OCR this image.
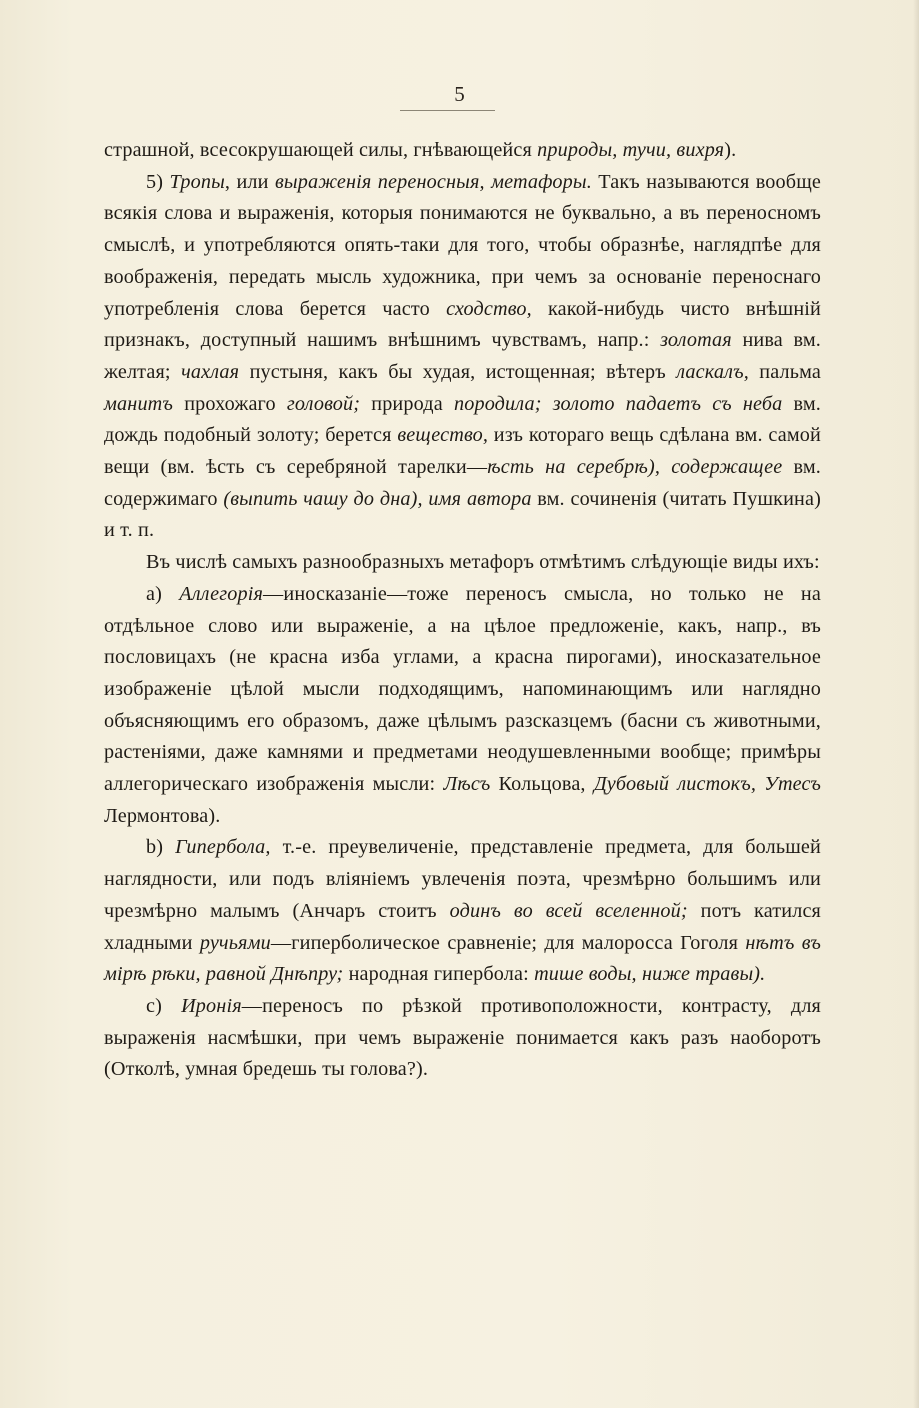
5

страшной, всесокрушающей силы, гнѣвающейся природы, тучи, вихря).

5) Тропы, или выраженія переносныя, метафоры. Такъ называются вообще всякія слова и выраженія, которыя понимаются не буквально, а въ переносномъ смыслѣ, и употребляются опять-таки для того, чтобы образнѣе, наглядпѣе для воображенія, передать мысль художника, при чемъ за основаніе переноснаго употребленія слова берется часто сходство, какой-нибудь чисто внѣшній признакъ, доступный нашимъ внѣшнимъ чувствамъ, напр.: золотая нива вм. желтая; чахлая пустыня, какъ бы худая, истощенная; вѣтеръ ласкалъ, пальма манитъ прохожаго головой; природа породила; золото падаетъ съ неба вм. дождь подобный золоту; берется вещество, изъ котораго вещь сдѣлана вм. самой вещи (вм. ѣсть съ серебряной тарелки—ѣсть на серебрѣ), содержащее вм. содержимаго (выпить чашу до дна), имя автора вм. сочиненія (читать Пушкина) и т. п.

Въ числѣ самыхъ разнообразныхъ метафоръ отмѣтимъ слѣдующіе виды ихъ:

a) Аллегорія—иносказаніе—тоже переносъ смысла, но только не на отдѣльное слово или выраженіе, а на цѣлое предложеніе, какъ, напр., въ пословицахъ (не красна изба углами, а красна пирогами), иносказательное изображеніе цѣлой мысли подходящимъ, напоминающимъ или наглядно объясняющимъ его образомъ, даже цѣлымъ разсказцемъ (басни съ животными, растеніями, даже камнями и предметами неодушевленными вообще; примѣры аллегорическаго изображенія мысли: Лѣсъ Кольцова, Дубовый листокъ, Утесъ Лермонтова).

b) Гипербола, т.-е. преувеличеніе, представленіе предмета, для большей наглядности, или подъ вліяніемъ увлеченія поэта, чрезмѣрно большимъ или чрезмѣрно малымъ (Анчаръ стоитъ одинъ во всей вселенной; потъ катился хладными ручьями—гиперболическое сравненіе; для малоросса Гоголя нѣтъ въ мірѣ рѣки, равной Днѣпру; народная гипербола: тише воды, ниже травы).

c) Иронія—переносъ по рѣзкой противоположности, контрасту, для выраженія насмѣшки, при чемъ выраженіе понимается какъ разъ наоборотъ (Отколѣ, умная бредешь ты голова?).
